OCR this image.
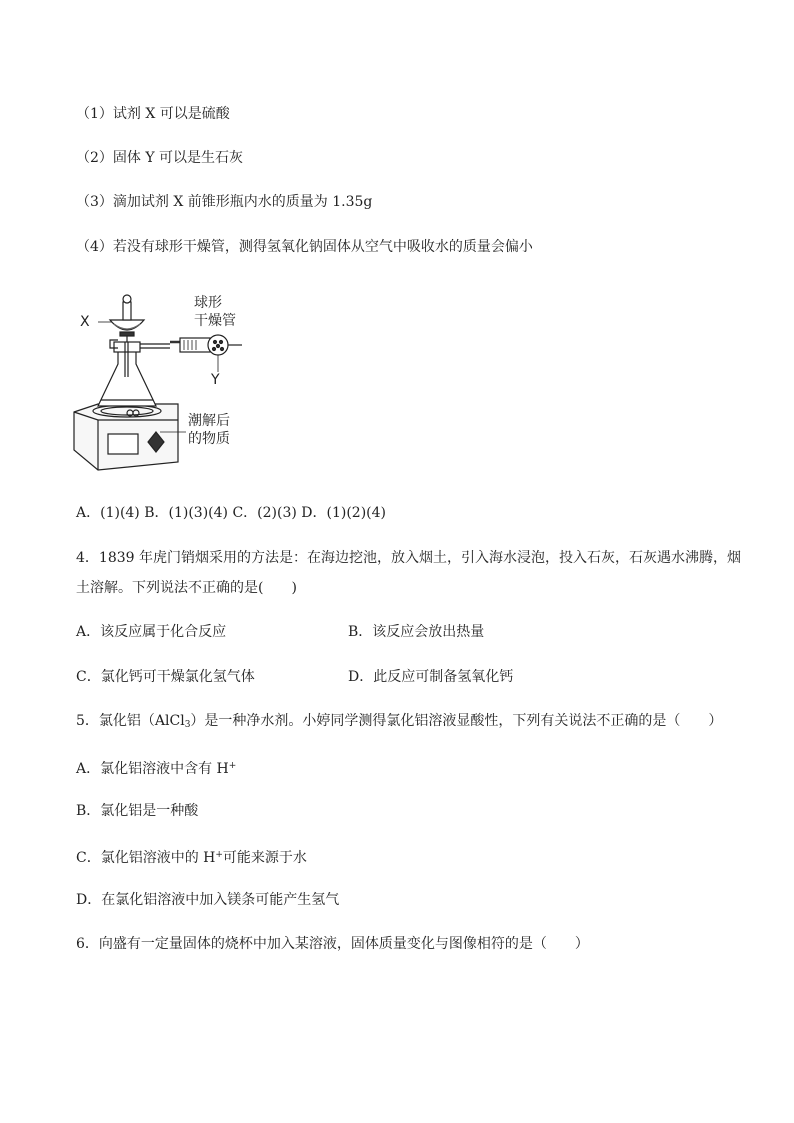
（1）试剂 X 可以是硫酸
（2）固体 Y 可以是生石灰
（3）滴加试剂 X 前锥形瓶内水的质量为 1.35g
（4）若没有球形干燥管，测得氢氧化钠固体从空气中吸收水的质量会偏小
X
球形
干燥管
Y
潮解后
的物质
A．(1)(4) B．(1)(3)(4) C．(2)(3) D．(1)(2)(4)
4．1839 年虎门销烟采用的方法是：在海边挖池，放入烟土，引入海水浸泡，投入石灰，石灰遇水沸腾，烟
土溶解。下列说法不正确的是(　　)
A．该反应属于化合反应	B．该反应会放出热量
C．氯化钙可干燥氯化氢气体	D．此反应可制备氢氧化钙
5．氯化铝（AlCl$_3$）是一种净水剂。小婷同学测得氯化铝溶液显酸性，下列有关说法不正确的是（　　）
A．氯化铝溶液中含有 H+
B．氯化铝是一种酸
C．氯化铝溶液中的 H+可能来源于水
D．在氯化铝溶液中加入镁条可能产生氢气
6．向盛有一定量固体的烧杯中加入某溶液，固体质量变化与图像相符的是（　　）
